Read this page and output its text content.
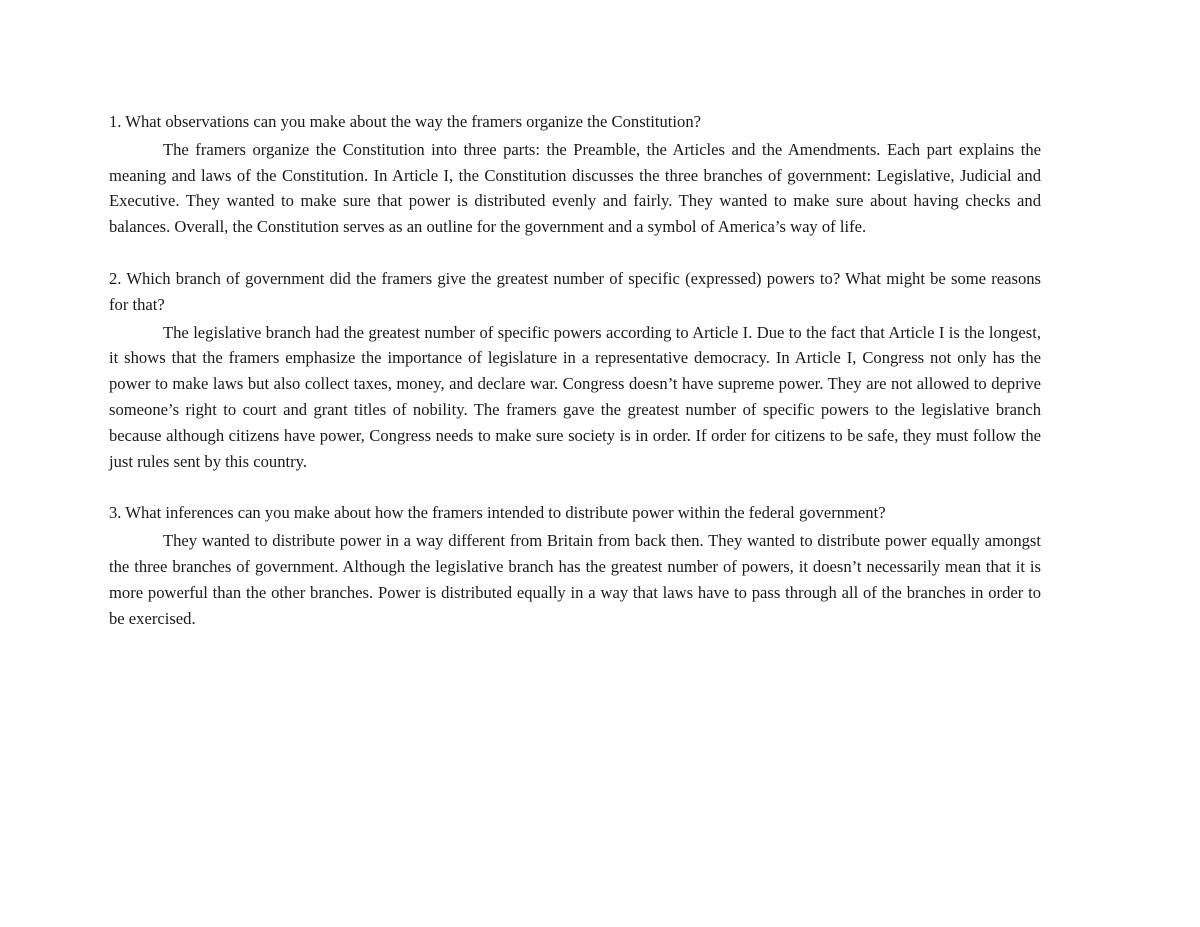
1. What observations can you make about the way the framers organize the Constitution?

The framers organize the Constitution into three parts: the Preamble, the Articles and the Amendments. Each part explains the meaning and laws of the Constitution. In Article I, the Constitution discusses the three branches of government: Legislative, Judicial and Executive. They wanted to make sure that power is distributed evenly and fairly. They wanted to make sure about having checks and balances. Overall, the Constitution serves as an outline for the government and a symbol of America’s way of life.

2. Which branch of government did the framers give the greatest number of specific (expressed) powers to? What might be some reasons for that?

The legislative branch had the greatest number of specific powers according to Article I. Due to the fact that Article I is the longest, it shows that the framers emphasize the importance of legislature in a representative democracy. In Article I, Congress not only has the power to make laws but also collect taxes, money, and declare war. Congress doesn’t have supreme power. They are not allowed to deprive someone’s right to court and grant titles of nobility. The framers gave the greatest number of specific powers to the legislative branch because although citizens have power, Congress needs to make sure society is in order. If order for citizens to be safe, they must follow the just rules sent by this country.

3. What inferences can you make about how the framers intended to distribute power within the federal government?

They wanted to distribute power in a way different from Britain from back then. They wanted to distribute power equally amongst the three branches of government. Although the legislative branch has the greatest number of powers, it doesn’t necessarily mean that it is more powerful than the other branches. Power is distributed equally in a way that laws have to pass through all of the branches in order to be exercised.
